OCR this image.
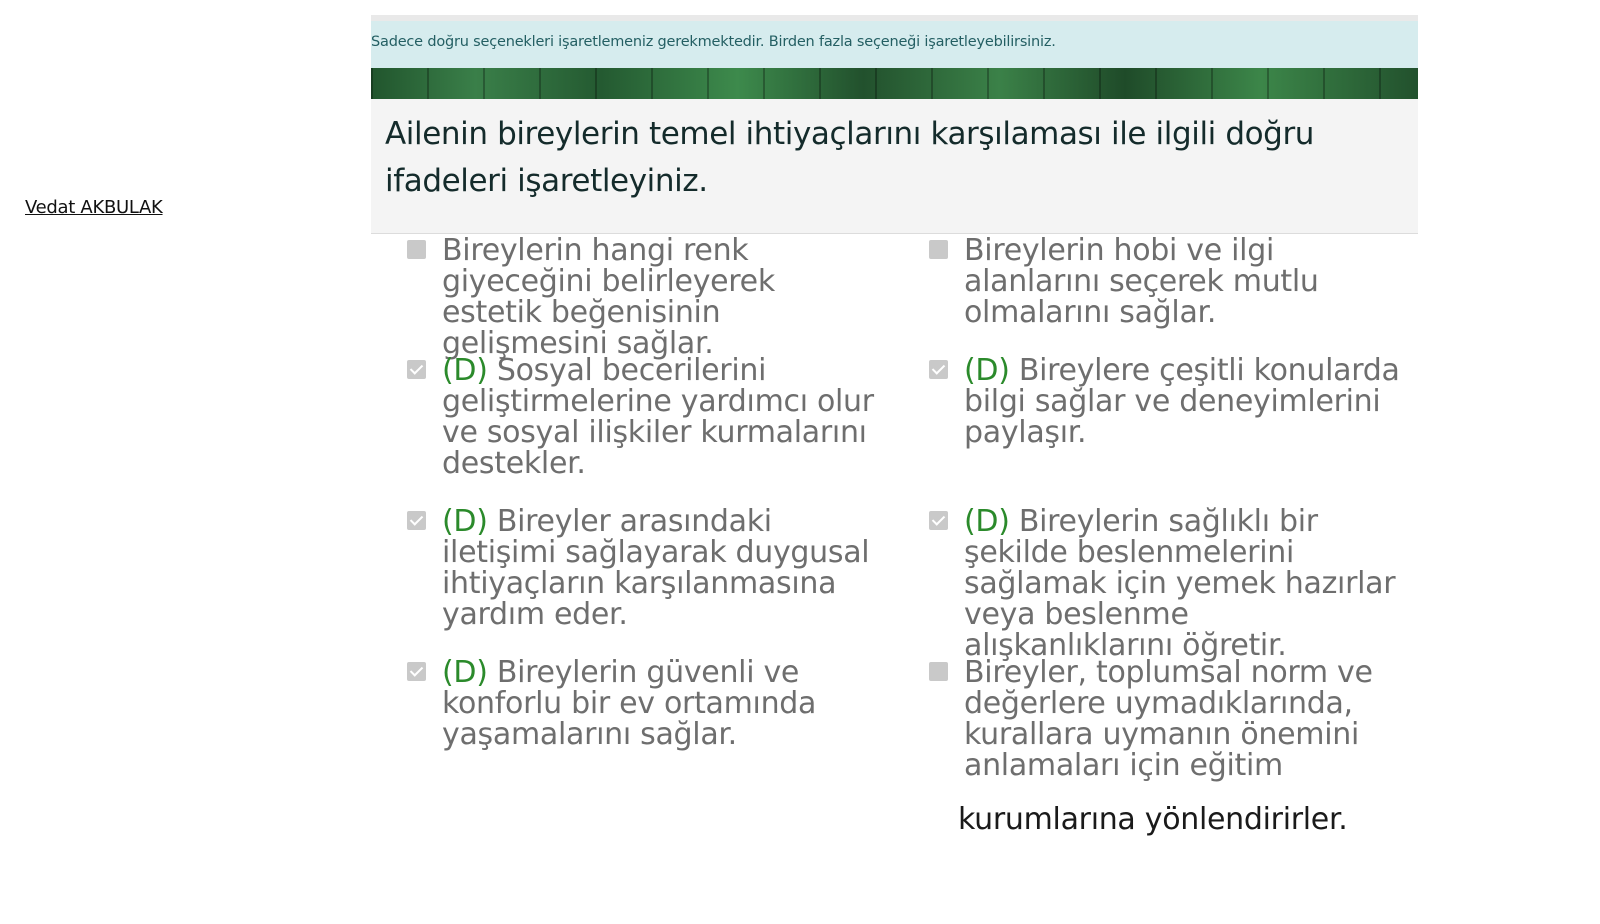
Vedat AKBULAK
Sadece doğru seçenekleri işaretlemeniz gerekmektedir. Birden fazla seçeneği işaretleyebilirsiniz.

Ailenin bireylerin temel ihtiyaçlarını karşılaması ile ilgili doğru ifadeleri işaretleyiniz.

Bireylerin hangi renk giyeceğini belirleyerek estetik beğenisinin gelişmesini sağlar.
Bireylerin hobi ve ilgi alanlarını seçerek mutlu olmalarını sağlar.
(D) Sosyal becerilerini geliştirmelerine yardımcı olur ve sosyal ilişkiler kurmalarını destekler.
(D) Bireylere çeşitli konularda bilgi sağlar ve deneyimlerini paylaşır.
(D) Bireyler arasındaki iletişimi sağlayarak duygusal ihtiyaçların karşılanmasına yardım eder.
(D) Bireylerin sağlıklı bir şekilde beslenmelerini sağlamak için yemek hazırlar veya beslenme alışkanlıklarını öğretir.
(D) Bireylerin güvenli ve konforlu bir ev ortamında yaşamalarını sağlar.
Bireyler, toplumsal norm ve değerlere uymadıklarında, kurallara uymanın önemini anlamaları için eğitim
kurumlarına yönlendirirler.
